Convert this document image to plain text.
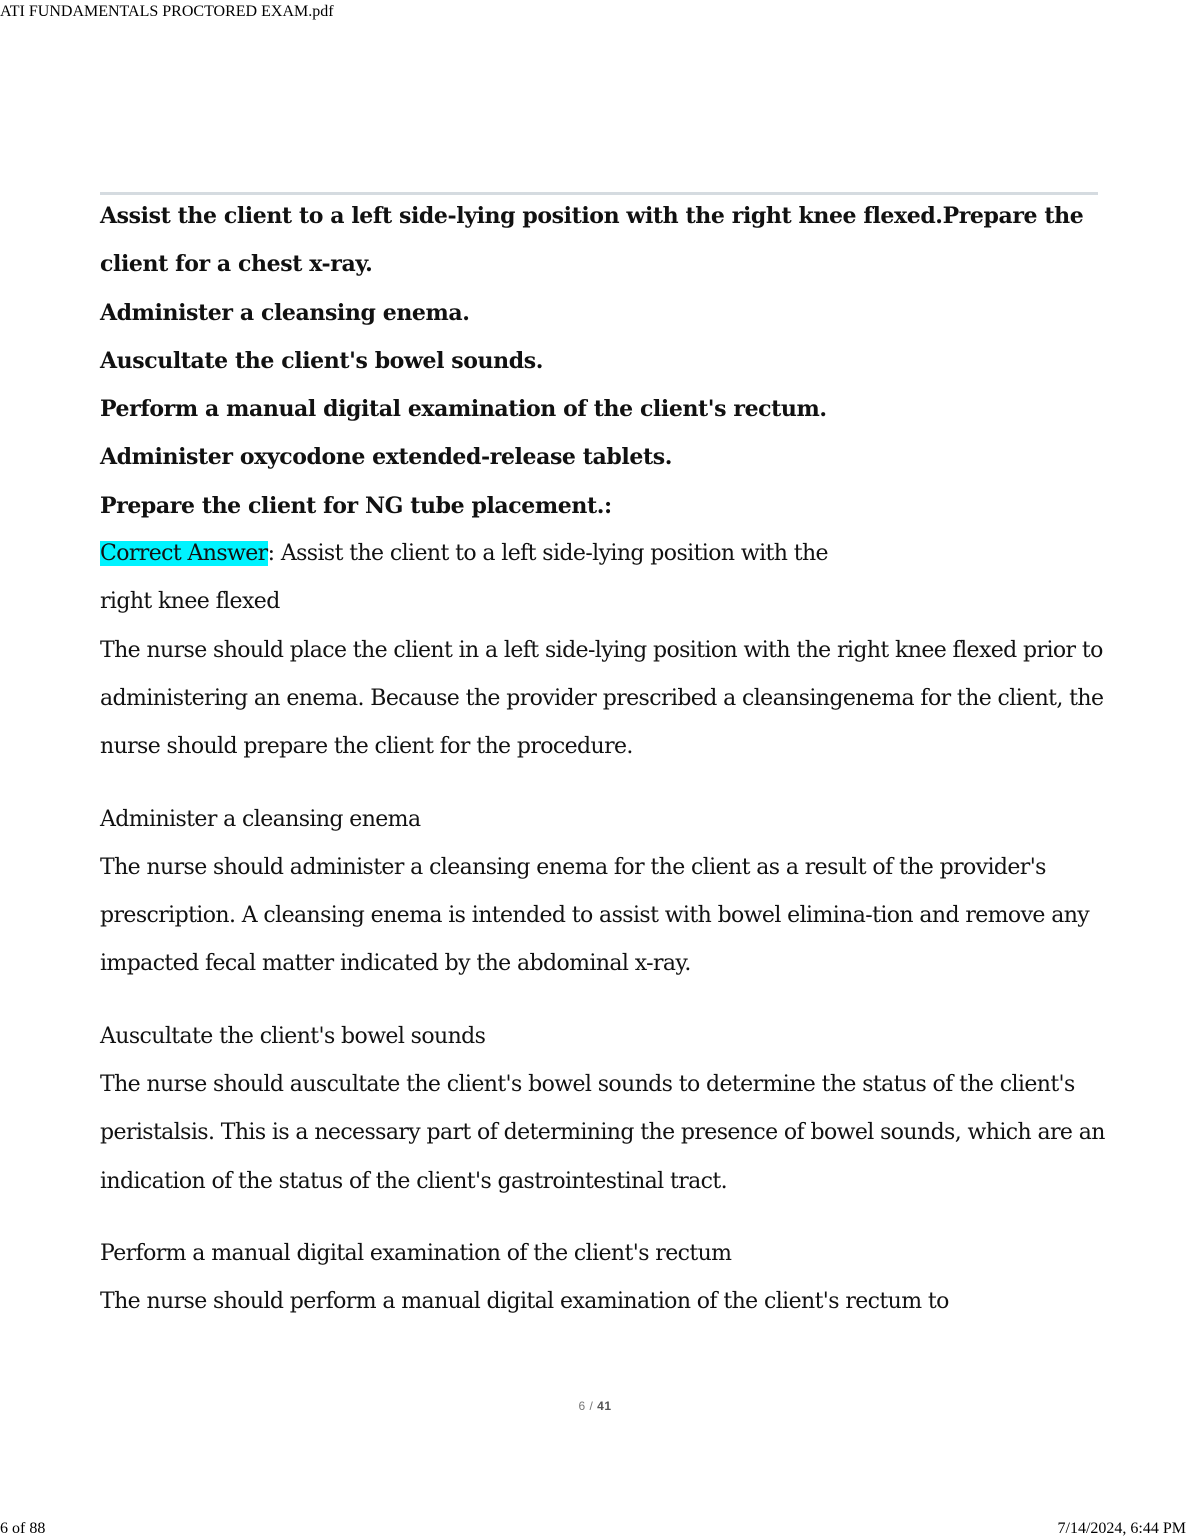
ATI FUNDAMENTALS PROCTORED EXAM.pdf

Assist the client to a left side-lying position with the right knee flexed.Prepare the client for a chest x-ray.

Administer a cleansing enema.

Auscultate the client's bowel sounds.

Perform a manual digital examination of the client's rectum.

Administer oxycodone extended-release tablets.

Prepare the client for NG tube placement.:

Correct Answer: Assist the client to a left side-lying position with the

right knee flexed

The nurse should place the client in a left side-lying position with the right knee flexed prior to administering an enema. Because the provider prescribed a cleansingenema for the client, the nurse should prepare the client for the procedure.

Administer a cleansing enema

The nurse should administer a cleansing enema for the client as a result of the provider's prescription. A cleansing enema is intended to assist with bowel elimina-tion and remove any impacted fecal matter indicated by the abdominal x-ray.

Auscultate the client's bowel sounds

The nurse should auscultate the client's bowel sounds to determine the status of the client's peristalsis. This is a necessary part of determining the presence of bowel sounds, which are an indication of the status of the client's gastrointestinal tract.

Perform a manual digital examination of the client's rectum

The nurse should perform a manual digital examination of the client's rectum to

6 / 41
6 of 88	7/14/2024, 6:44 PM
